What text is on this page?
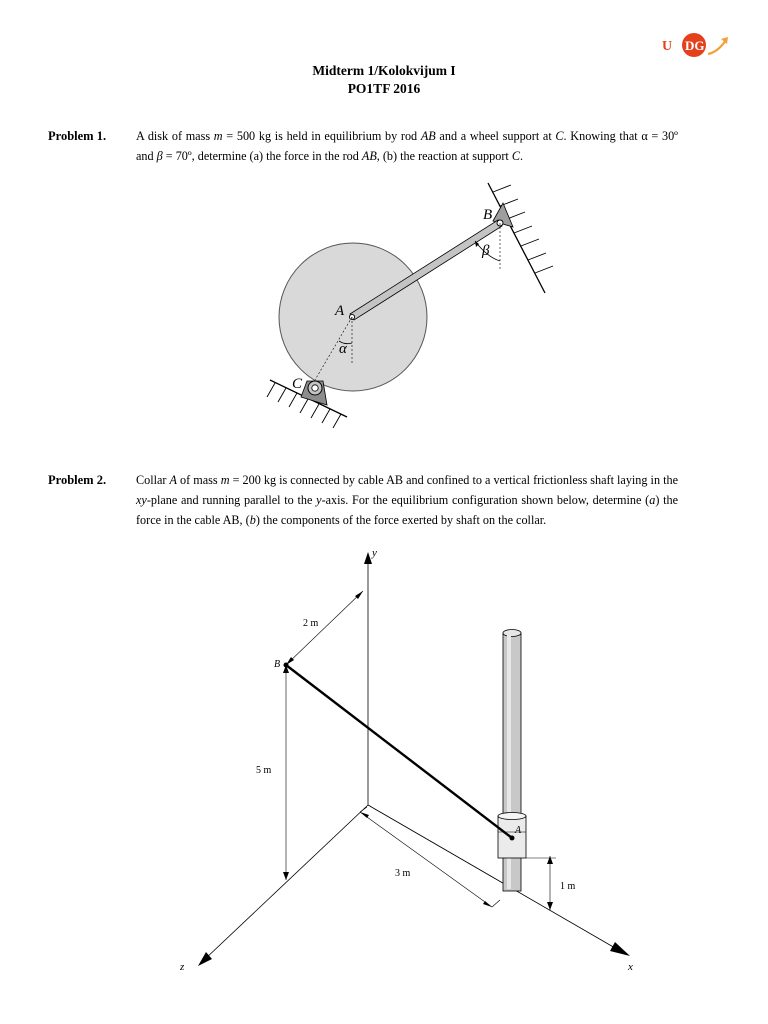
U DG
Midterm 1/Kolokvijum I
PO1TF 2016
Problem 1. A disk of mass m = 500 kg is held in equilibrium by rod AB and a wheel support at C. Knowing that α = 30º and β = 70º, determine (a) the force in the rod AB, (b) the reaction at support C.
B
β
A
α
C
Problem 2. Collar A of mass m = 200 kg is connected by cable AB and confined to a vertical frictionless shaft laying in the xy-plane and running parallel to the y-axis. For the equilibrium configuration shown below, determine (a) the force in the cable AB, (b) the components of the force exerted by shaft on the collar.
y
x
z
2 m
5 m
3 m
B
A
1 m
